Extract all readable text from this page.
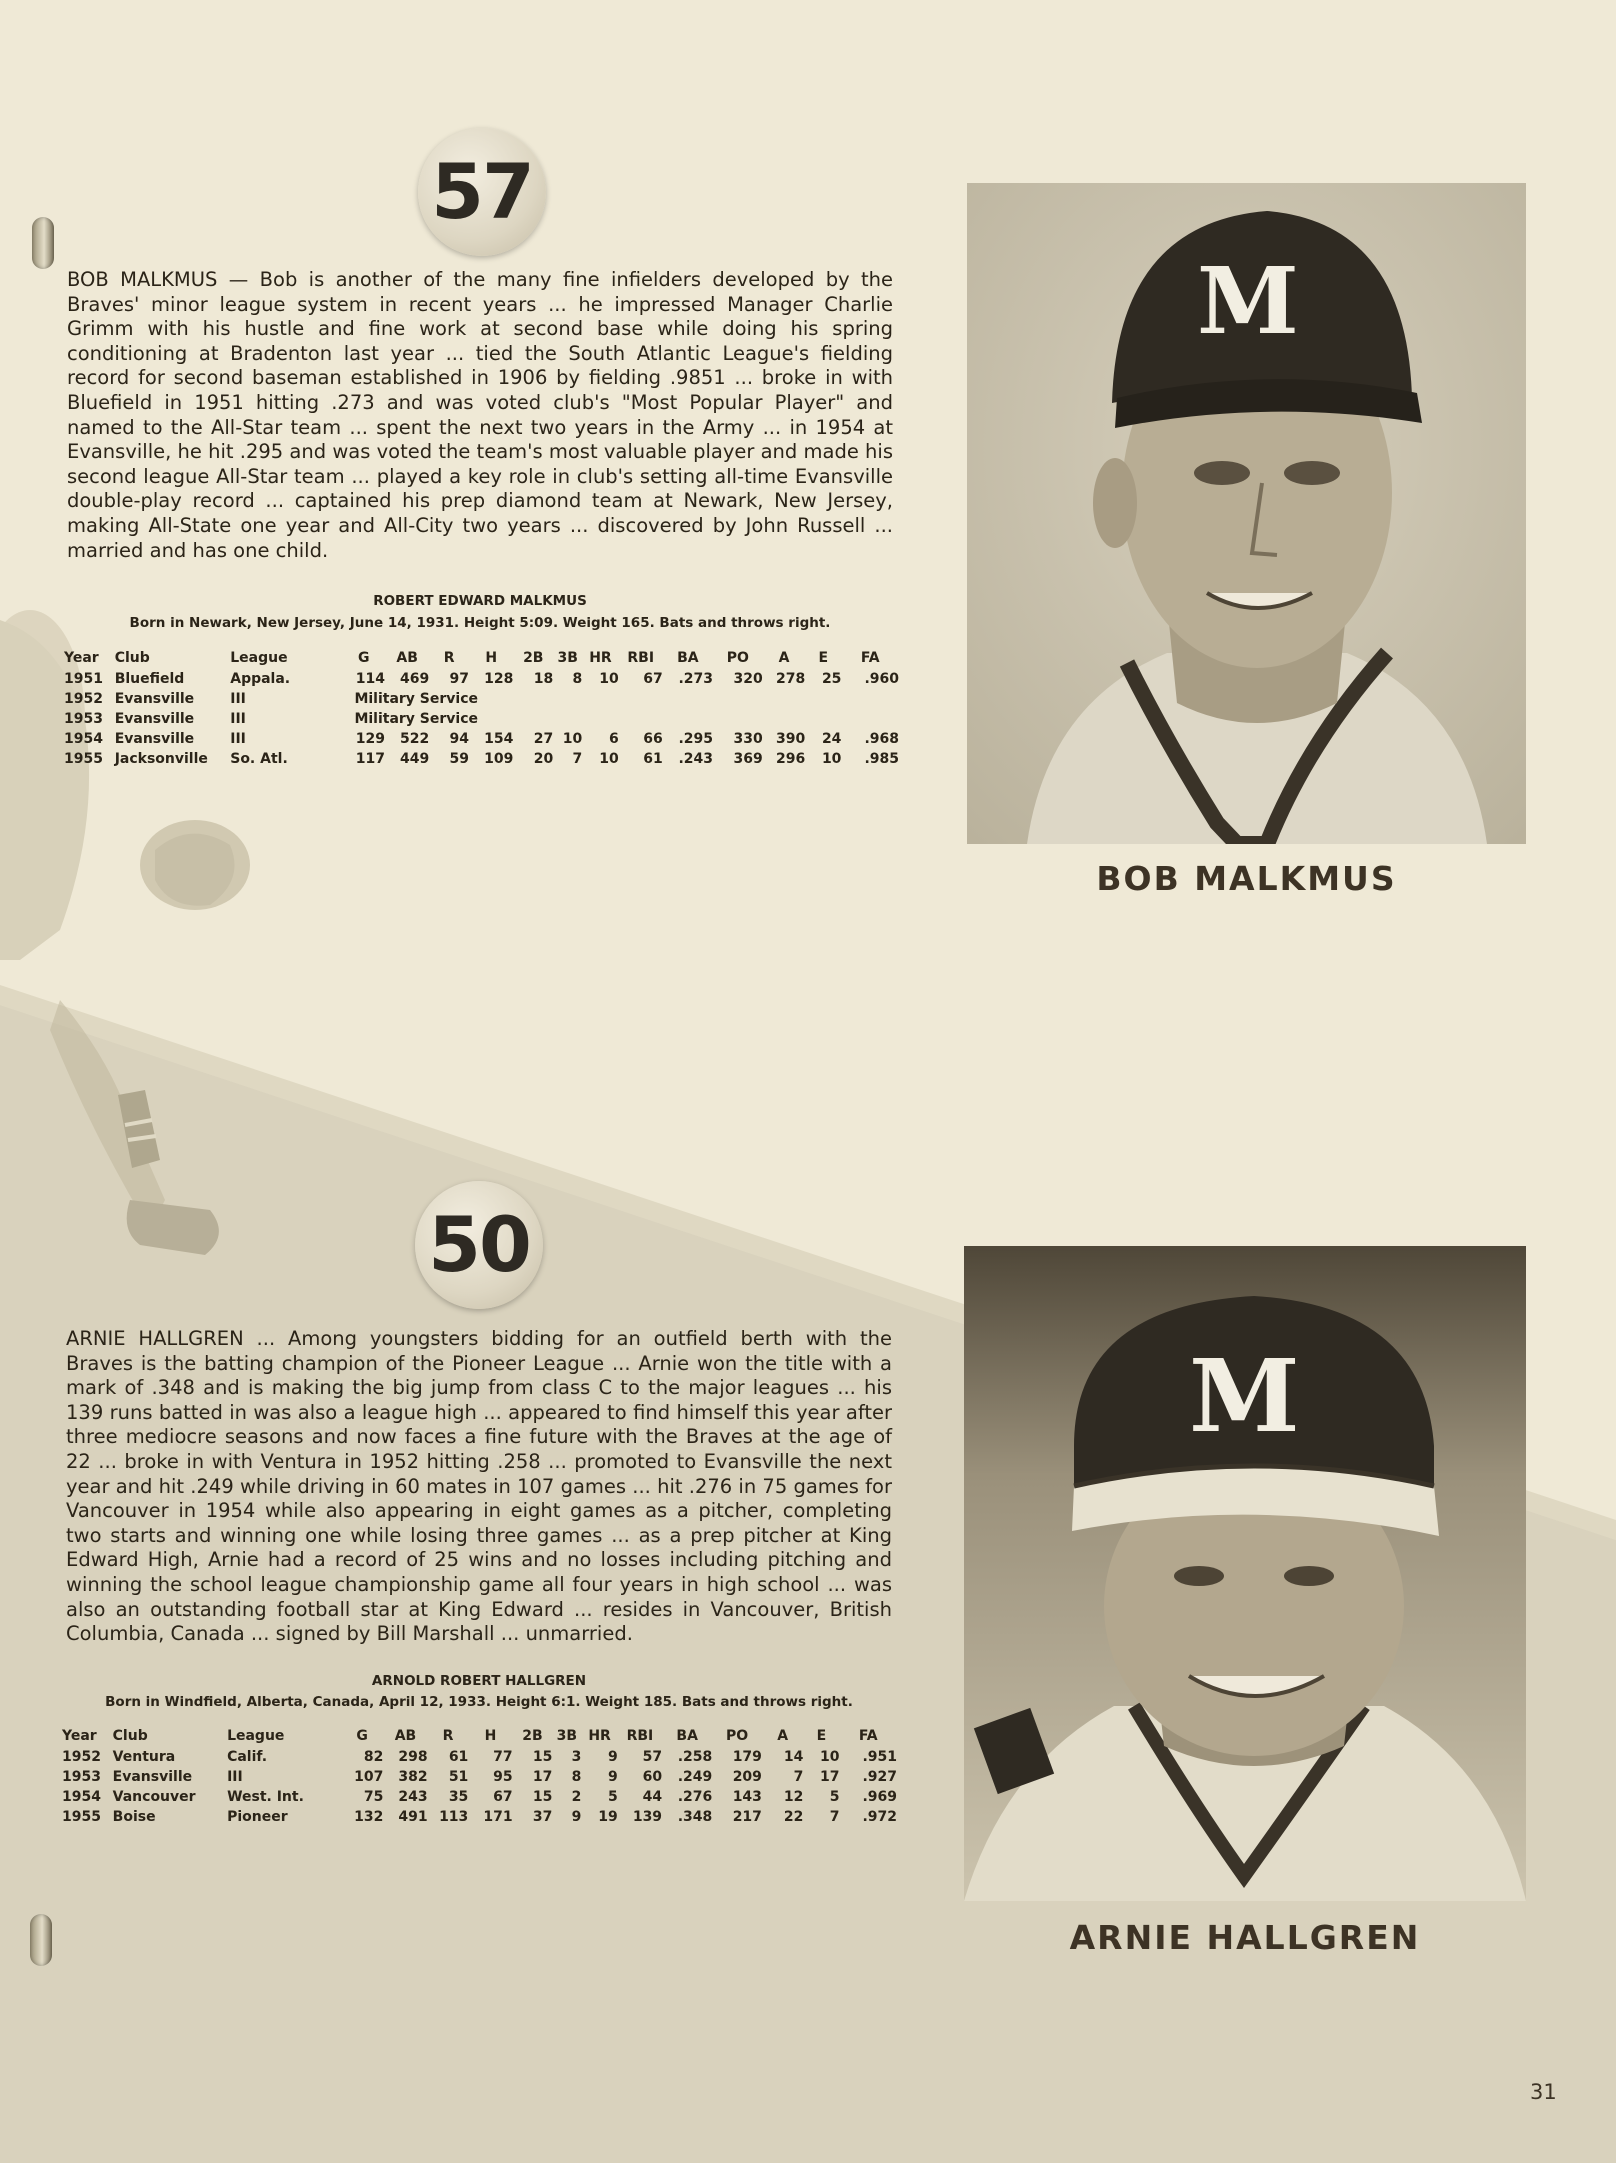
57
BOB MALKMUS — Bob is another of the many fine infielders developed by the Braves' minor league system in recent years ... he impressed Manager Charlie Grimm with his hustle and fine work at second base while doing his spring conditioning at Bradenton last year ... tied the South Atlantic League's fielding record for second baseman established in 1906 by fielding .9851 ... broke in with Bluefield in 1951 hitting .273 and was voted club's "Most Popular Player" and named to the All-Star team ... spent the next two years in the Army ... in 1954 at Evansville, he hit .295 and was voted the team's most valuable player and made his second league All-Star team ... played a key role in club's setting all-time Evansville double-play record ... captained his prep diamond team at Newark, New Jersey, making All-State one year and All-City two years ... discovered by John Russell ... married and has one child.
ROBERT EDWARD MALKMUS
Born in Newark, New Jersey, June 14, 1931. Height 5:09. Weight 165. Bats and throws right.
Year	Club	League	G	AB	R	H	2B	3B	HR	RBI	BA	PO	A	E	FA
1951	Bluefield	Appala.	114	469	97	128	18	8	10	67	.273	320	278	25	.960
1952	Evansville	III	Military Service												
1953	Evansville	III	Military Service												
1954	Evansville	III	129	522	94	154	27	10	6	66	.295	330	390	24	.968
1955	Jacksonville	So. Atl.	117	449	59	109	20	7	10	61	.243	369	296	10	.985
M
BOB MALKMUS
50
ARNIE HALLGREN ... Among youngsters bidding for an outfield berth with the Braves is the batting champion of the Pioneer League ... Arnie won the title with a mark of .348 and is making the big jump from class C to the major leagues ... his 139 runs batted in was also a league high ... appeared to find himself this year after three mediocre seasons and now faces a fine future with the Braves at the age of 22 ... broke in with Ventura in 1952 hitting .258 ... promoted to Evansville the next year and hit .249 while driving in 60 mates in 107 games ... hit .276 in 75 games for Vancouver in 1954 while also appearing in eight games as a pitcher, completing two starts and winning one while losing three games ... as a prep pitcher at King Edward High, Arnie had a record of 25 wins and no losses including pitching and winning the school league championship game all four years in high school ... was also an outstanding football star at King Edward ... resides in Vancouver, British Columbia, Canada ... signed by Bill Marshall ... unmarried.
ARNOLD ROBERT HALLGREN
Born in Windfield, Alberta, Canada, April 12, 1933. Height 6:1. Weight 185. Bats and throws right.
Year	Club	League	G	AB	R	H	2B	3B	HR	RBI	BA	PO	A	E	FA
1952	Ventura	Calif.	82	298	61	77	15	3	9	57	.258	179	14	10	.951
1953	Evansville	III	107	382	51	95	17	8	9	60	.249	209	7	17	.927
1954	Vancouver	West. Int.	75	243	35	67	15	2	5	44	.276	143	12	5	.969
1955	Boise	Pioneer	132	491	113	171	37	9	19	139	.348	217	22	7	.972
M
ARNIE HALLGREN
31
